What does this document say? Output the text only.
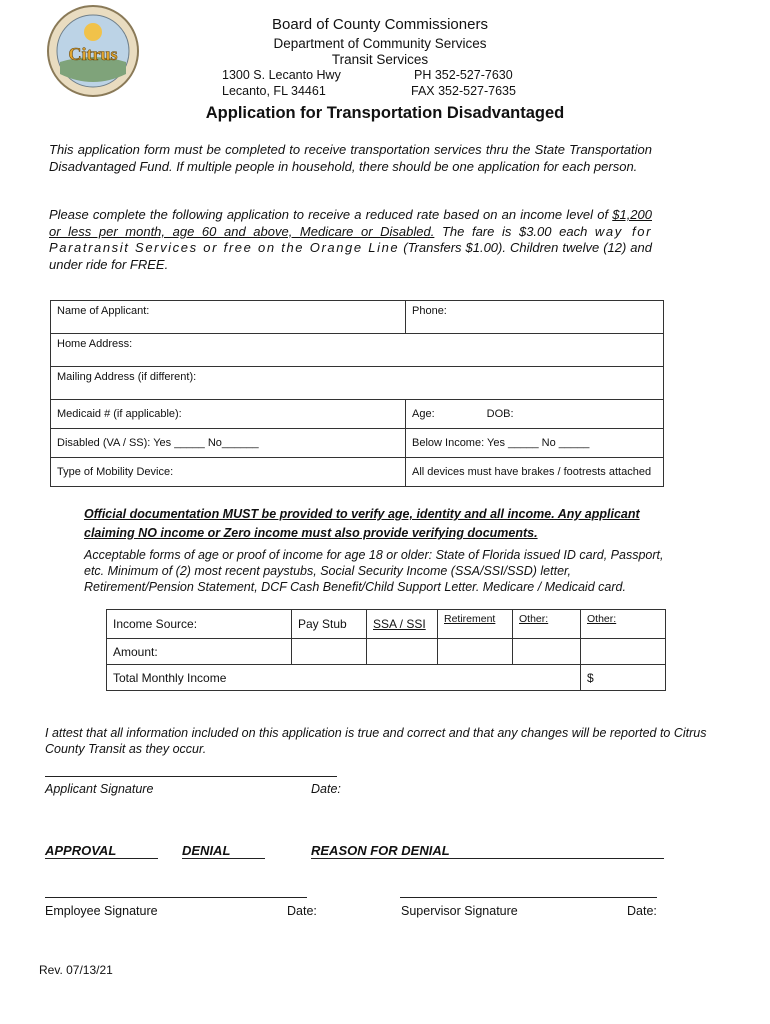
Citrus
Board of County Commissioners
Department of Community Services
Transit Services
1300 S. Lecanto Hwy
Lecanto, FL 34461
PH 352-527-7630
FAX 352-527-7635
Application for Transportation Disadvantaged
This application form must be completed to receive transportation services thru the State Transportation Disadvantaged Fund. If multiple people in household, there should be one application for each person.
Please complete the following application to receive a reduced rate based on an income level of $1,200 or less per month, age 60 and above, Medicare or Disabled. The fare is $3.00 each way for Paratransit Services or free on the Orange Line (Transfers $1.00). Children twelve (12) and under ride for FREE.
Name of Applicant:	Phone:
Home Address:	
Mailing Address (if different):	
Medicaid # (if applicable):	Age: DOB:
Disabled (VA / SS): Yes _____ No______	Below Income: Yes _____ No _____
Type of Mobility Device:	All devices must have brakes / footrests attached
Official documentation MUST be provided to verify age, identity and all income. Any applicant claiming NO income or Zero income must also provide verifying documents.
Acceptable forms of age or proof of income for age 18 or older: State of Florida issued ID card, Passport, etc. Minimum of (2) most recent paystubs, Social Security Income (SSA/SSI/SSD) letter, Retirement/Pension Statement, DCF Cash Benefit/Child Support Letter. Medicare / Medicaid card.
Income Source:	Pay Stub	SSA / SSI	Retirement	Other:	Other:
Amount:					
Total Monthly Income					$
I attest that all information included on this application is true and correct and that any changes will be reported to Citrus County Transit as they occur.
Applicant Signature	Date:
APPROVAL	DENIAL	REASON FOR DENIAL
Employee Signature	Date:	Supervisor Signature	Date:
Rev. 07/13/21
